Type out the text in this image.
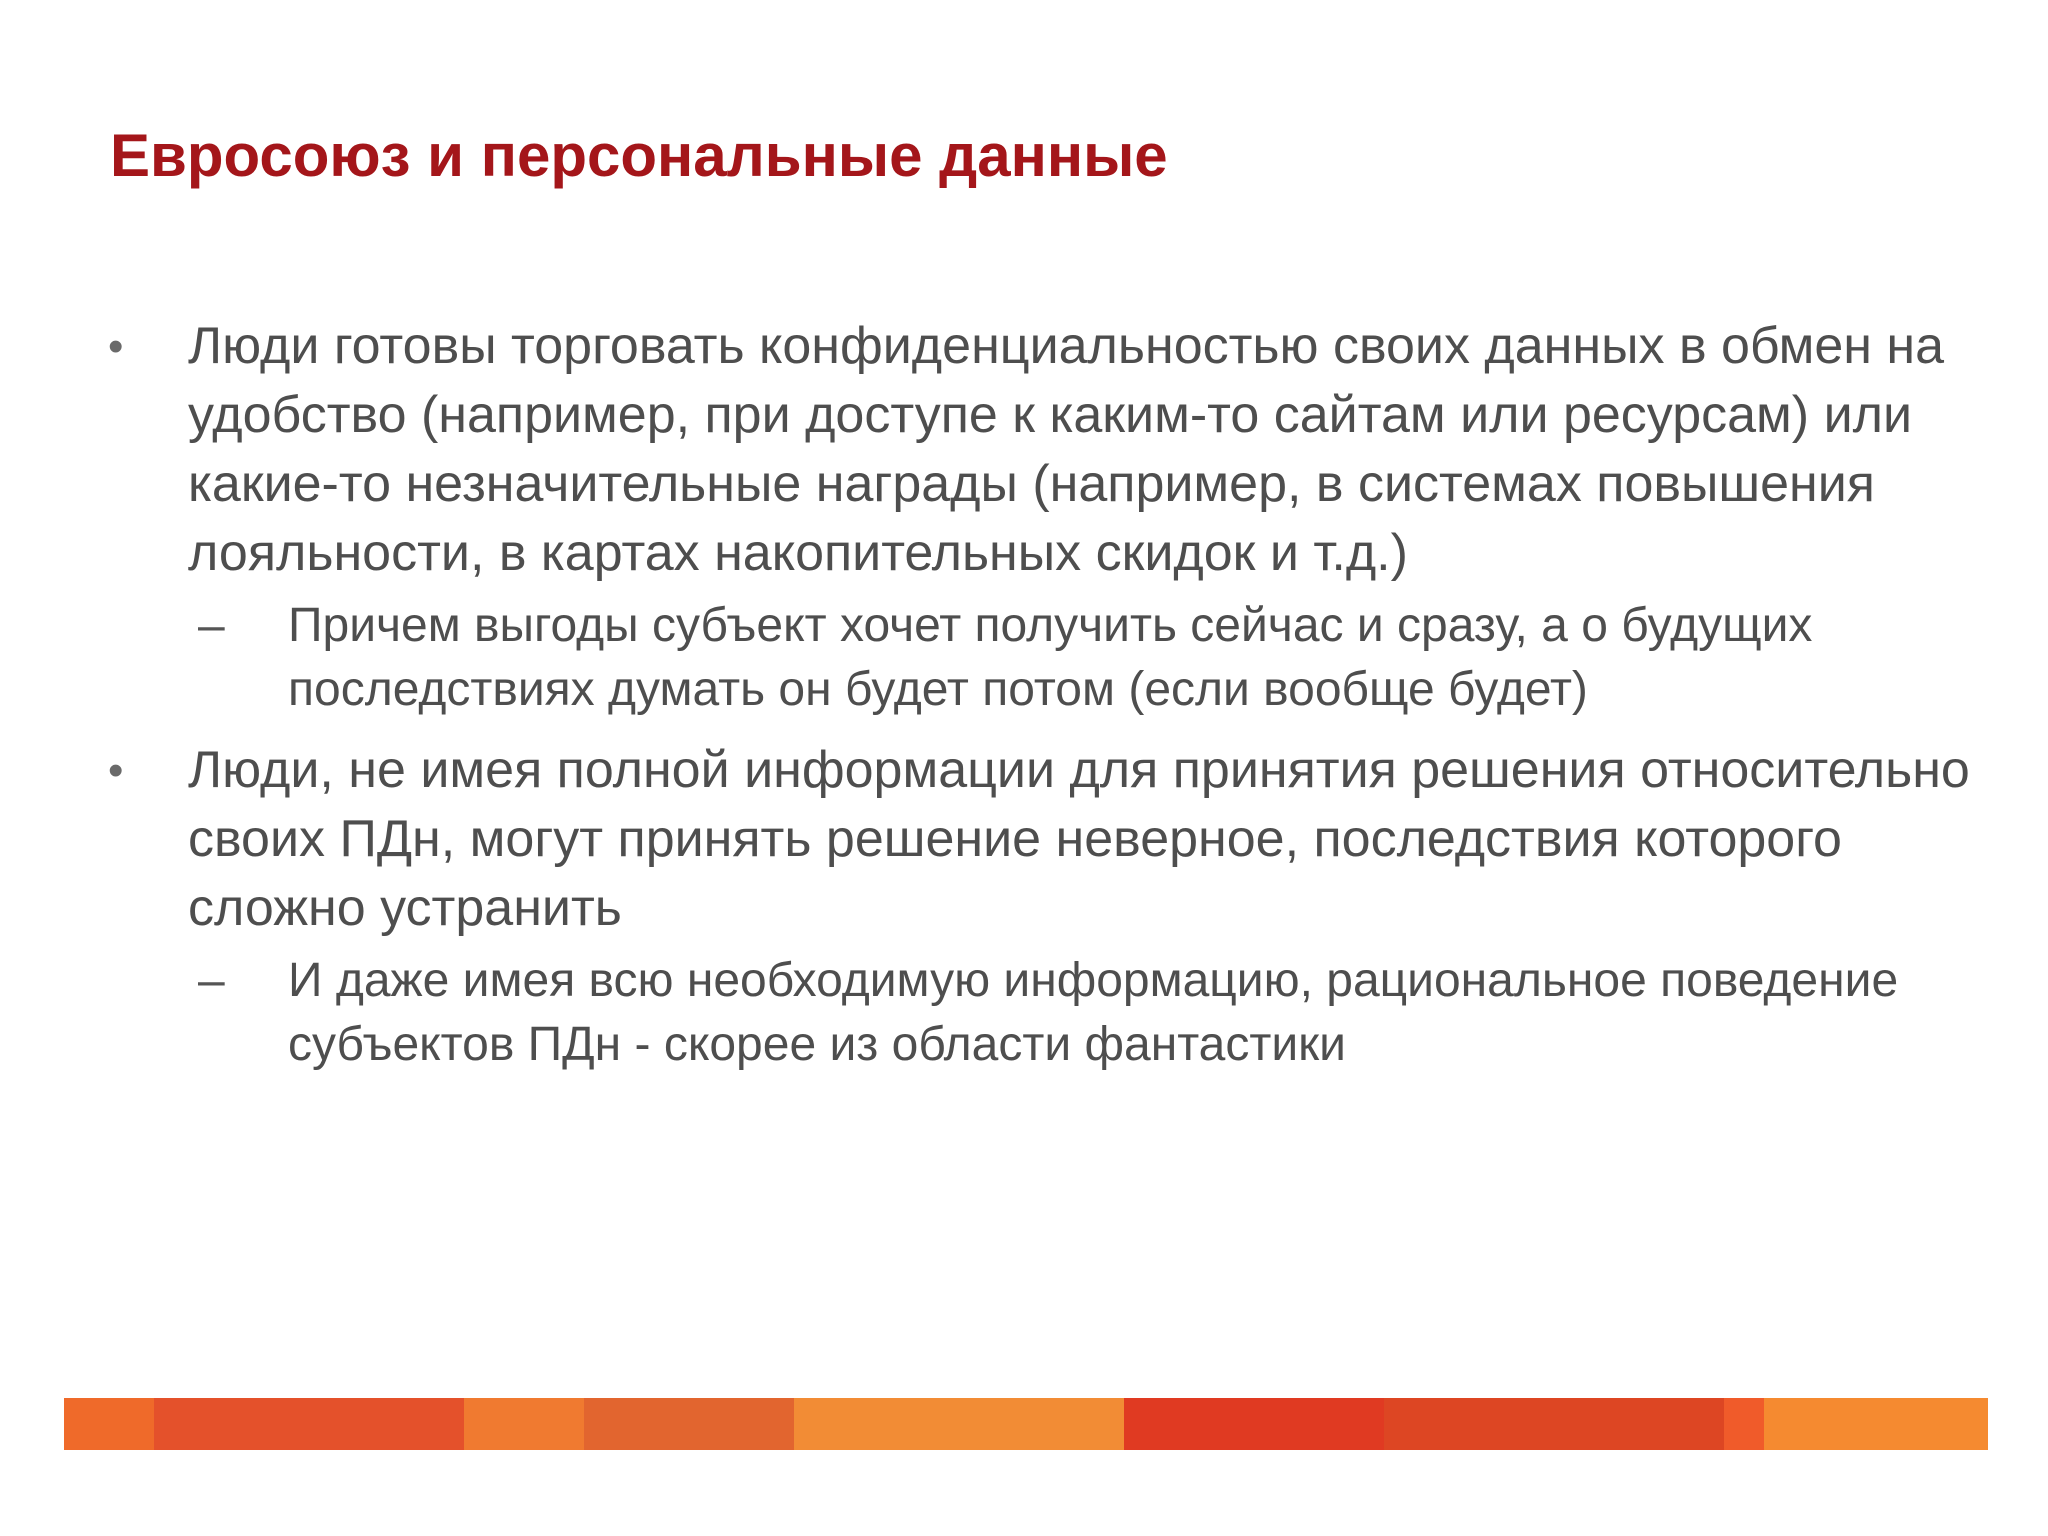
Евросоюз и персональные данные
•	Люди готовы торговать конфиденциальностью своих данных в обмен на удобство (например, при доступе к каким-то сайтам или ресурсам) или какие-то незначительные награды (например, в системах повышения лояльности, в картах накопительных скидок и т.д.)
–	Причем выгоды субъект хочет получить сейчас и сразу, а о будущих последствиях думать он будет потом (если вообще будет)
•	Люди, не имея полной информации для принятия решения относительно своих ПДн, могут принять решение неверное, последствия которого сложно устранить
–	И даже имея всю необходимую информацию, рациональное поведение субъектов ПДн - скорее из области фантастики
